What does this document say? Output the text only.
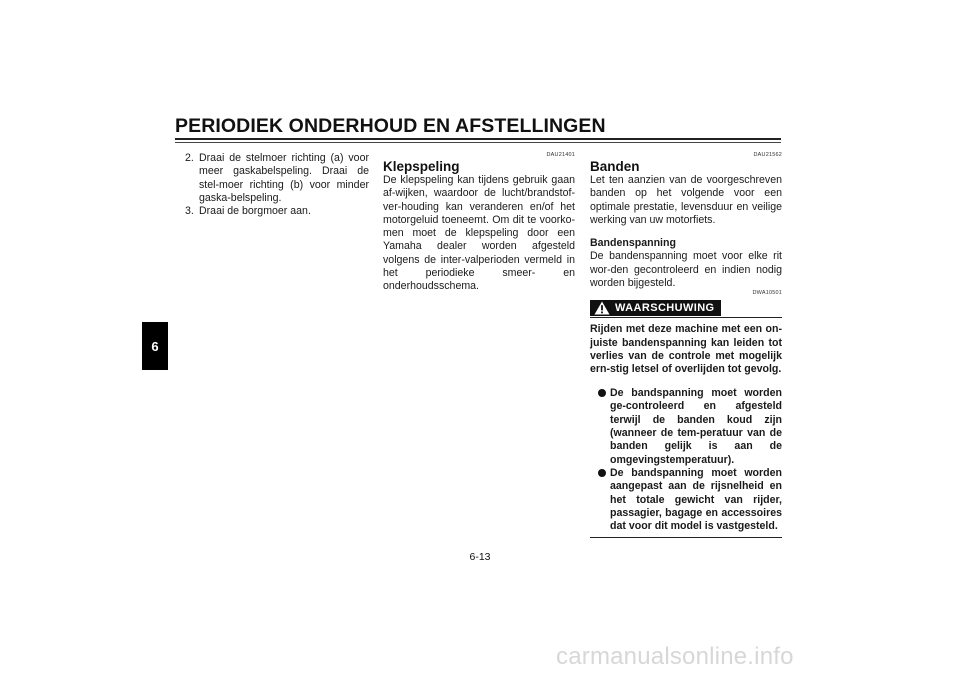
PERIODIEK ONDERHOUD EN AFSTELLINGEN
6
2. Draai de stelmoer richting (a) voor meer gaskabelspeling. Draai de stel-moer richting (b) voor minder gaska-belspeling.
3. Draai de borgmoer aan.
DAU21401
Klepspeling

De klepspeling kan tijdens gebruik gaan af-wijken, waardoor de lucht/brandstof-ver-houding kan veranderen en/of het motorgeluid toeneemt. Om dit te voorko-men moet de klepspeling door een Yamaha dealer worden afgesteld volgens de inter-valperioden vermeld in het periodieke smeer- en onderhoudsschema.

DAU21562
Banden

Let ten aanzien van de voorgeschreven banden op het volgende voor een optimale prestatie, levensduur en veilige werking van uw motorfiets.

Bandenspanning

De bandenspanning moet voor elke rit wor-den gecontroleerd en indien nodig worden bijgesteld.

DWA10501
WAARSCHUWING

Rijden met deze machine met een on-juiste bandenspanning kan leiden tot verlies van de controle met mogelijk ern-stig letsel of overlijden tot gevolg.

De bandspanning moet worden ge-controleerd en afgesteld terwijl de banden koud zijn (wanneer de tem-peratuur van de banden gelijk is aan de omgevingstemperatuur).
De bandspanning moet worden aangepast aan de rijsnelheid en het totale gewicht van rijder, passagier, bagage en accessoires dat voor dit model is vastgesteld.
6-13
carmanualsonline.info
